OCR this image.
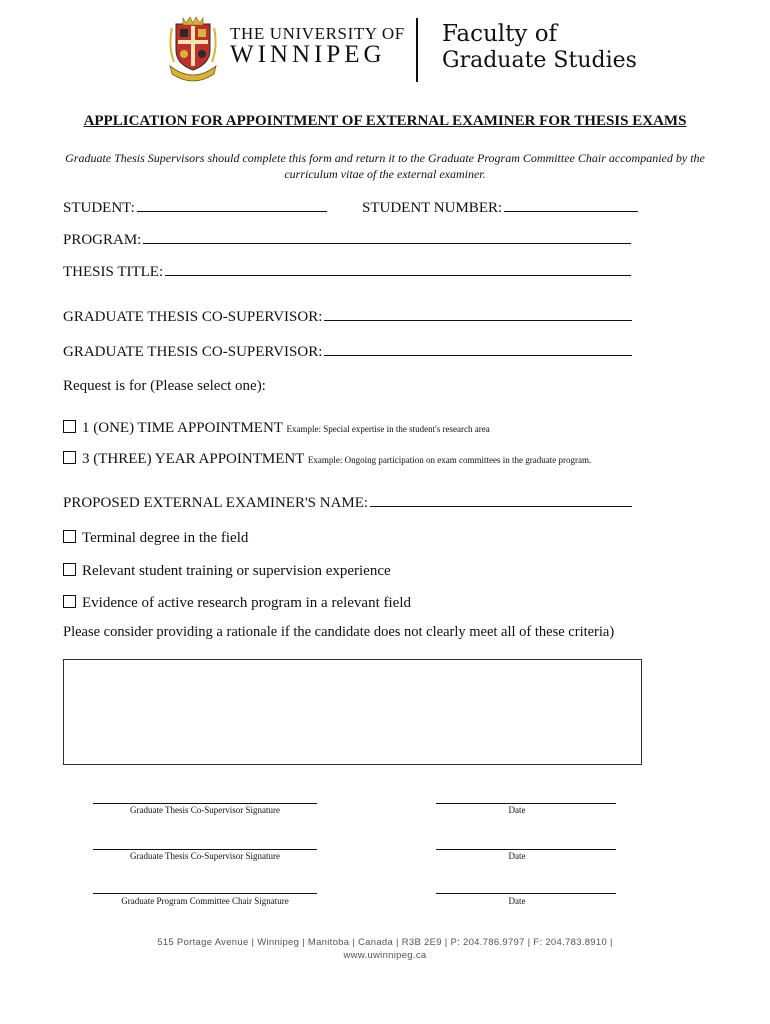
THE UNIVERSITY OF
WINNIPEG
Faculty of
Graduate Studies
APPLICATION FOR APPOINTMENT OF EXTERNAL EXAMINER FOR THESIS EXAMS
Graduate Thesis Supervisors should complete this form and return it to the Graduate Program Committee Chair accompanied by the curriculum vitae of the external examiner.
STUDENT:	STUDENT NUMBER:
PROGRAM:
THESIS TITLE:
GRADUATE THESIS CO-SUPERVISOR:
GRADUATE THESIS CO-SUPERVISOR:
Request is for (Please select one):
1 (ONE) TIME APPOINTMENT Example: Special expertise in the student's research area
3 (THREE) YEAR APPOINTMENT Example: Ongoing participation on exam committees in the graduate program.
PROPOSED EXTERNAL EXAMINER'S NAME:
Terminal degree in the field
Relevant student training or supervision experience
Evidence of active research program in a relevant field
Please consider providing a rationale if the candidate does not clearly meet all of these criteria)
Graduate Thesis Co-Supervisor Signature	Date
Graduate Thesis Co-Supervisor Signature	Date
Graduate Program Committee Chair Signature	Date
515 Portage Avenue | Winnipeg | Manitoba | Canada | R3B 2E9 | P: 204.786.9797 | F: 204.783.8910 |
www.uwinnipeg.ca
